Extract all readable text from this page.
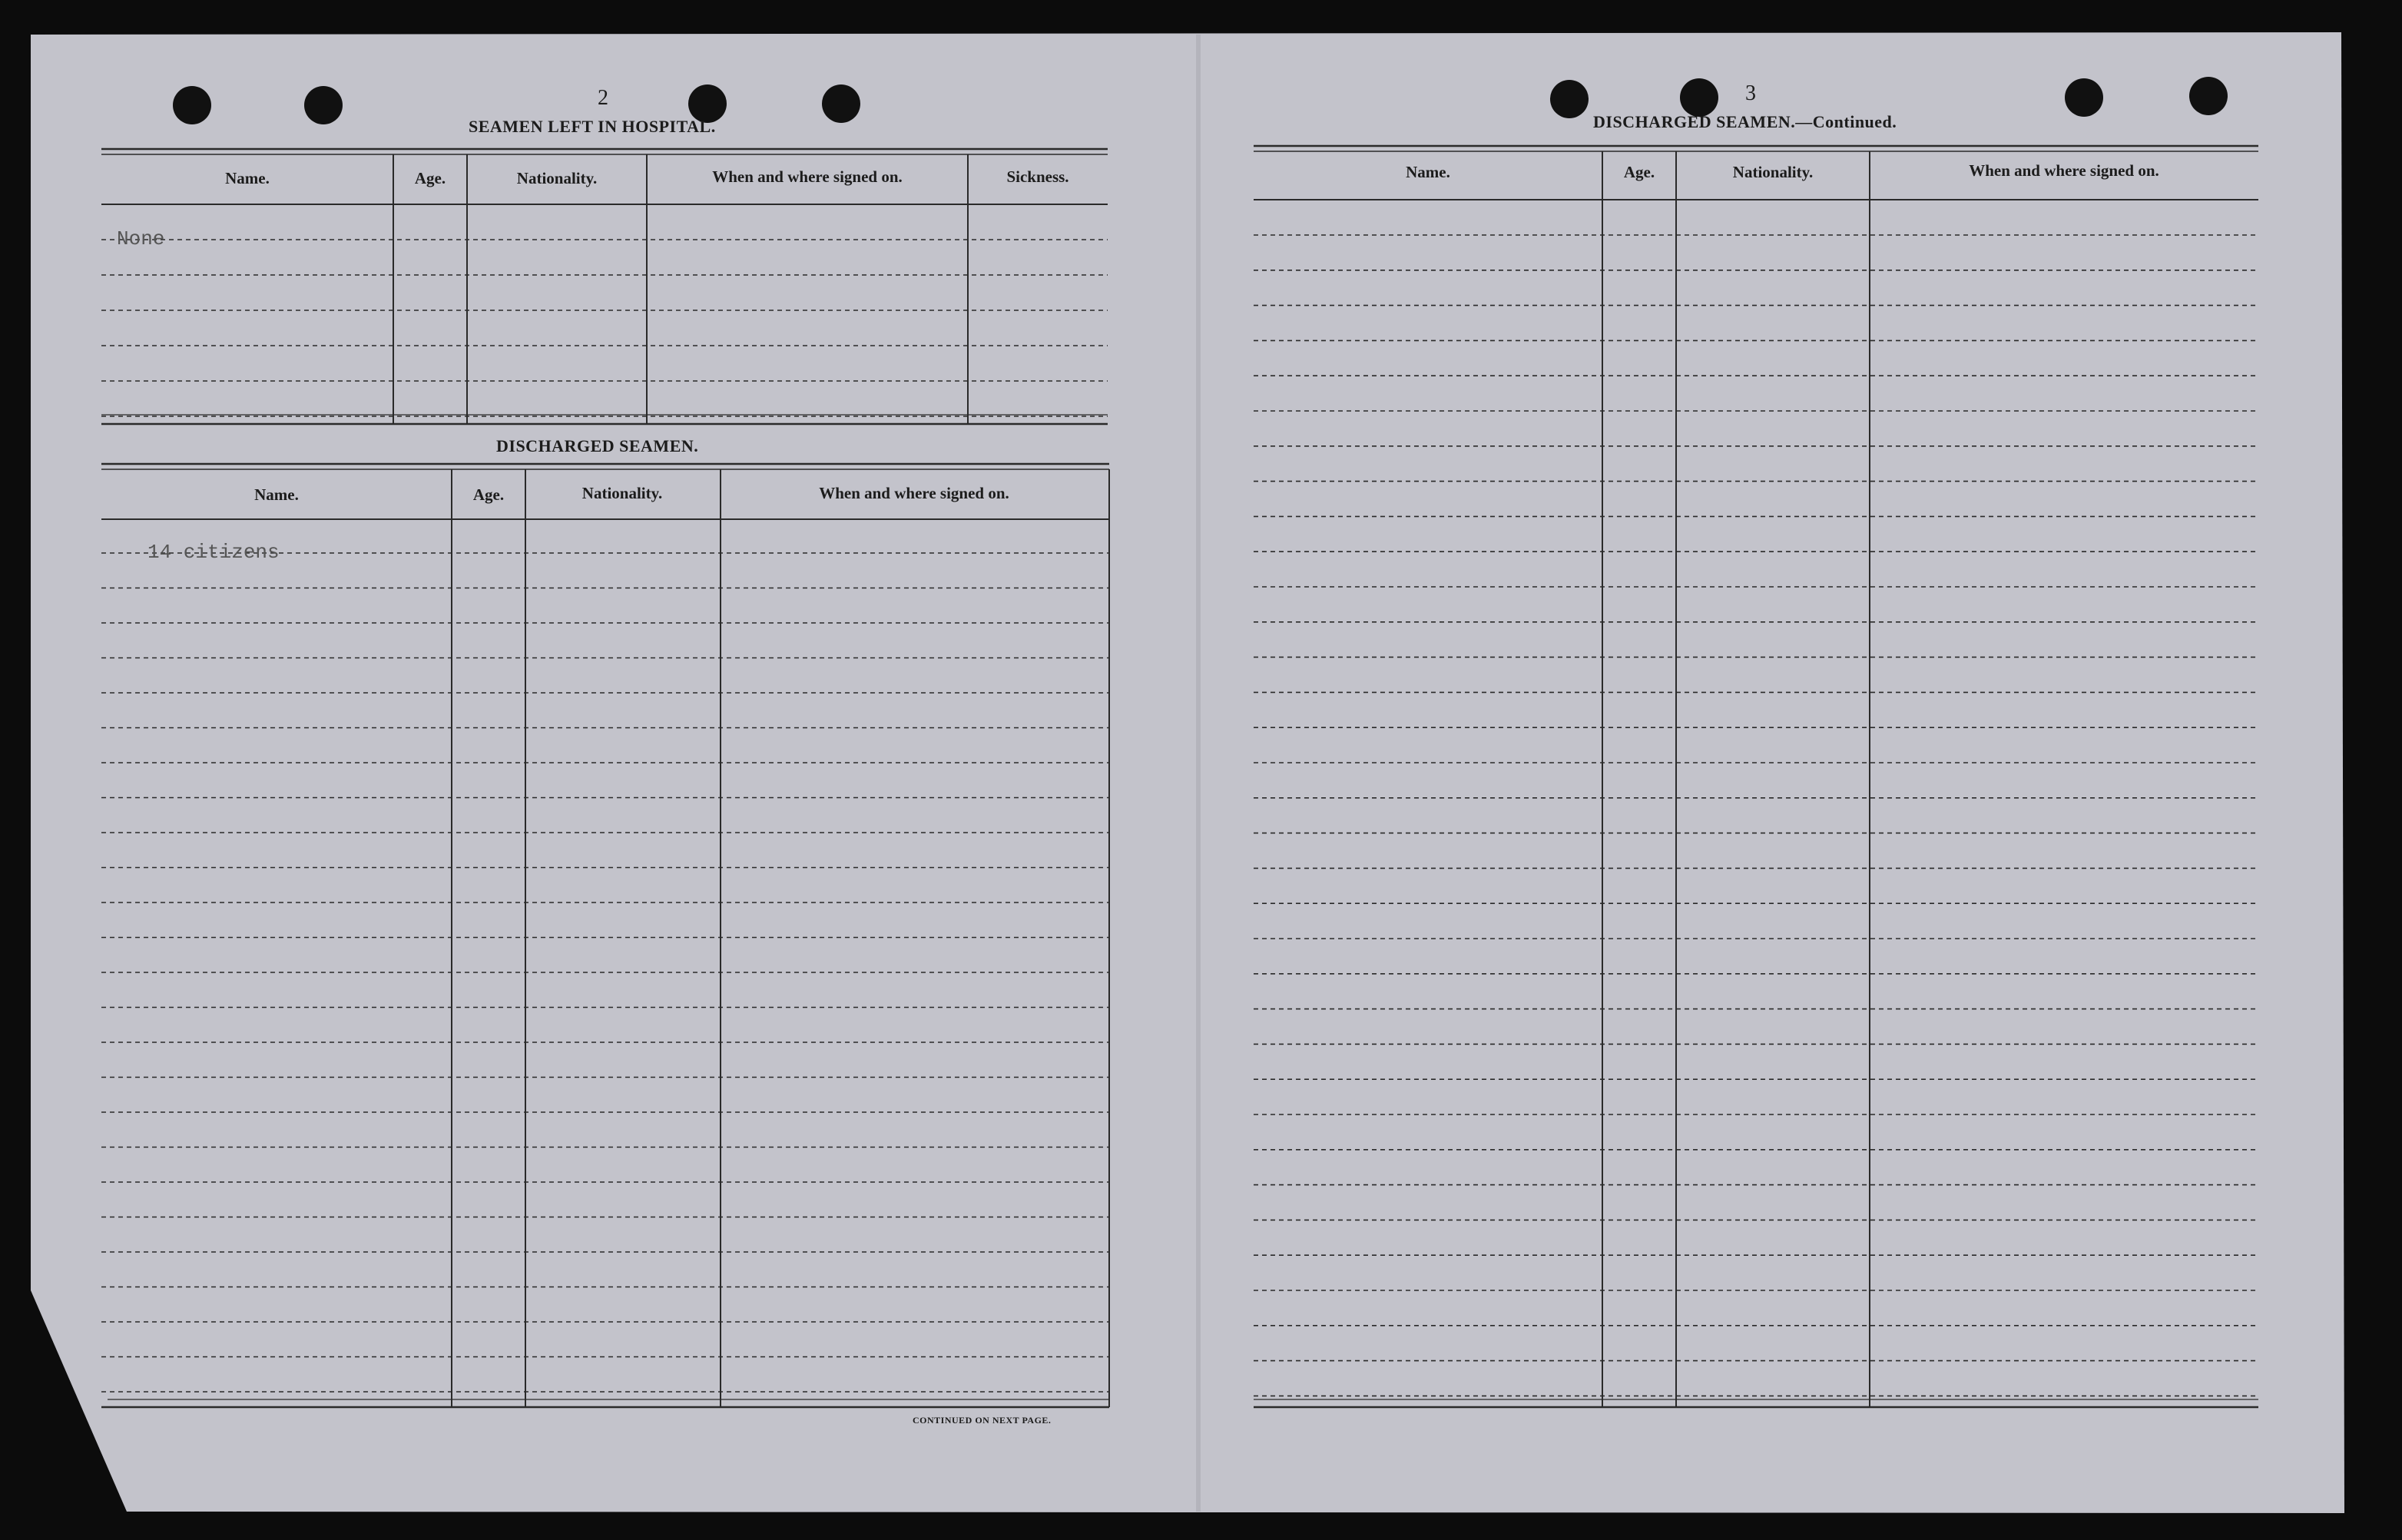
2
SEAMEN LEFT IN HOSPITAL.
Name.	Age.	Nationality.	When and where signed on.	Sickness.
None
DISCHARGED SEAMEN.
Name.	Age.	Nationality.	When and where signed on.
14 citizens
CONTINUED ON NEXT PAGE.
3
DISCHARGED SEAMEN.—Continued.
Name.	Age.	Nationality.	When and where signed on.
